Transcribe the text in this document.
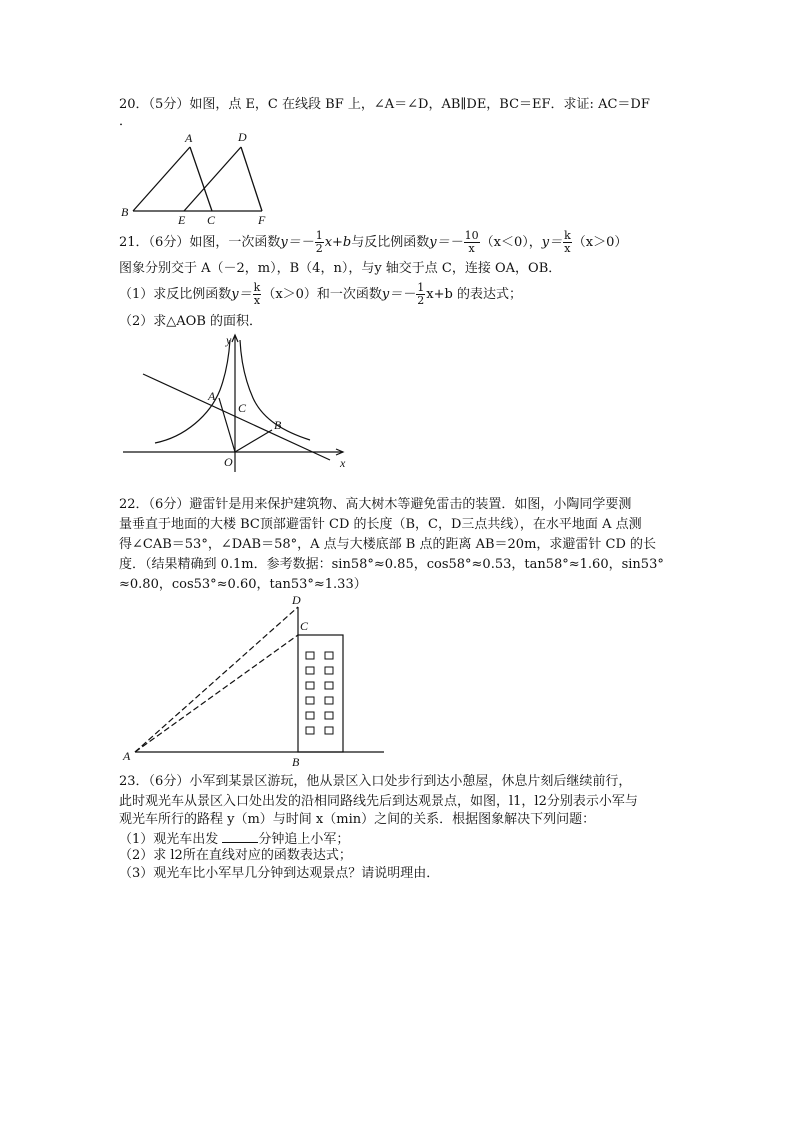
20．（5分）如图，点 E，C 在线段 BF 上，∠A＝∠D，AB∥DE，BC＝EF．求证: AC＝DF
．
A	D
B
E C	F
21．（6分）如图，一次函数$y=- \frac{1}{2} x+b$与反比例函数$y=- \frac{10}{x} (x<0)$，$y= \frac{k}{x} (x>0)$
图象分别交于 A（－2，m），B（4，n），与y 轴交于点 C，连接 OA，OB．
（1）求反比例函数$y= \frac{k}{x} (x>0)$和一次函数$y=- \frac{1}{2} x+b$ 的表达式；
（2）求△AOB 的面积．
y
A
C
B
O	x
22．（6分）避雷针是用来保护建筑物、高大树木等避免雷击的装置．如图，小陶同学要测
量垂直于地面的大楼 BC顶部避雷针 CD 的长度（B，C，D三点共线），在水平地面 A 点测
得∠CAB＝53°，∠DAB＝58°，A 点与大楼底部 B 点的距离 AB＝20m，求避雷针 CD 的长
度．（结果精确到 0.1m．参考数据：sin58°≈0.85，cos58°≈0.53，tan58°≈1.60，sin53°
≈0.80，cos53°≈0.60，tan53°≈1.33）
D
C
A	B
23．（6分）小军到某景区游玩，他从景区入口处步行到达小憩屋，休息片刻后继续前行，
此时观光车从景区入口处出发的沿相同路线先后到达观景点，如图，l1，l2分别表示小军与
观光车所行的路程 y（m）与时间 x（min）之间的关系．根据图象解决下列问题：
（1）观光车出发	分钟追上小军；
（2）求 l2所在直线对应的函数表达式；
（3）观光车比小军早几分钟到达观景点？请说明理由．
